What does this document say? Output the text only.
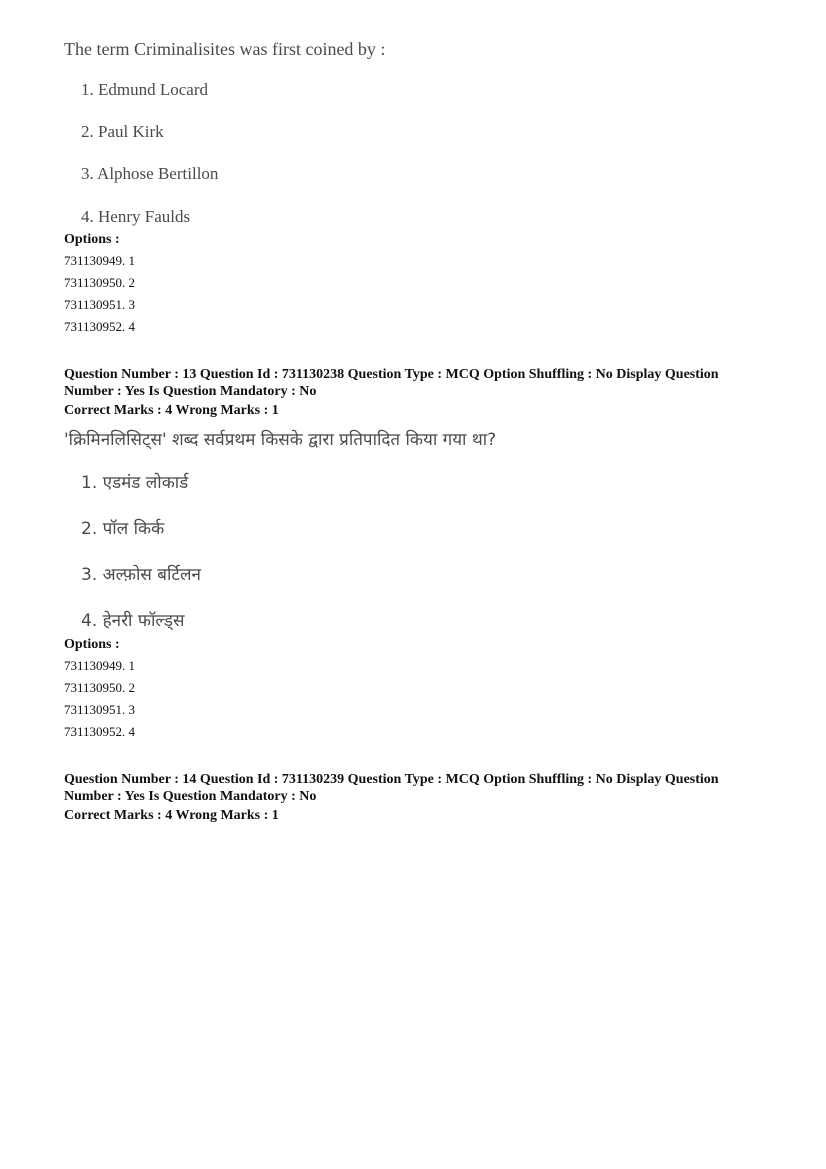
The term Criminalisites was first coined by :
1. Edmund Locard
2. Paul Kirk
3. Alphose Bertillon
4. Henry Faulds
Options :
731130949. 1
731130950. 2
731130951. 3
731130952. 4
Question Number : 13 Question Id : 731130238 Question Type : MCQ Option Shuffling : No Display Question
Number : Yes Is Question Mandatory : No
Correct Marks : 4 Wrong Marks : 1
'क्रिमिनलिसिट्स' शब्द सर्वप्रथम किसके द्वारा प्रतिपादित किया गया था?
1. एडमंड लोकार्ड
2. पॉल किर्क
3. अल्फ़ोस बर्टिलन
4. हेनरी फॉल्ड्स
Options :
731130949. 1
731130950. 2
731130951. 3
731130952. 4
Question Number : 14 Question Id : 731130239 Question Type : MCQ Option Shuffling : No Display Question
Number : Yes Is Question Mandatory : No
Correct Marks : 4 Wrong Marks : 1
